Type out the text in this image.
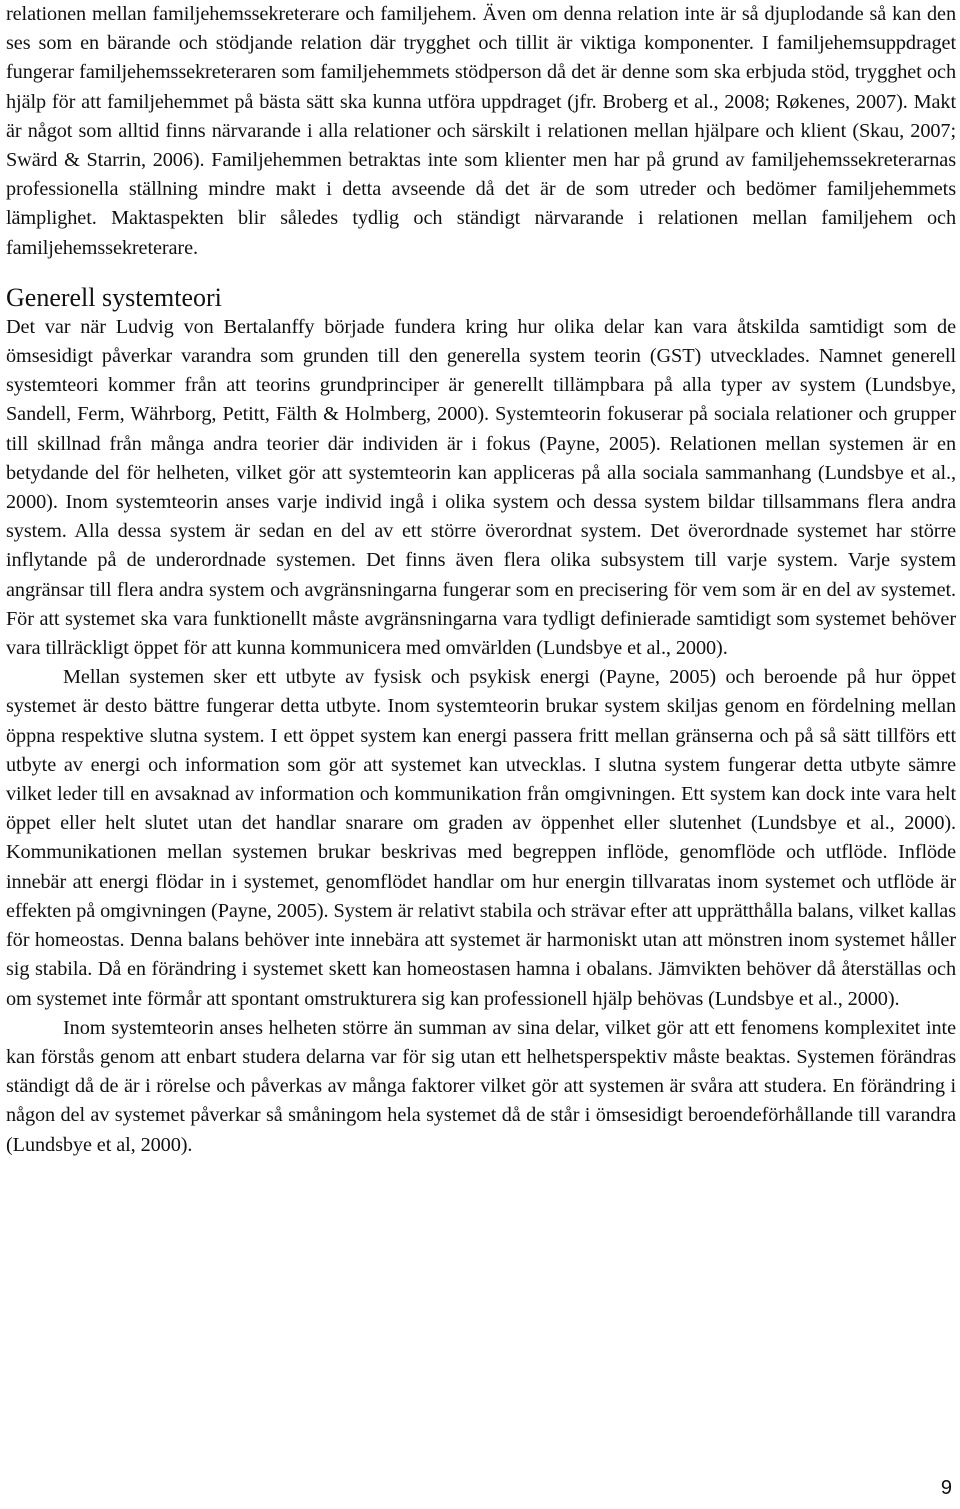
relationen mellan familjehemssekreterare och familjehem. Även om denna relation inte är så djuplodande så kan den ses som en bärande och stödjande relation där trygghet och tillit är viktiga komponenter. I familjehemsuppdraget fungerar familjehemssekreteraren som familjehemmets stödperson då det är denne som ska erbjuda stöd, trygghet och hjälp för att familjehemmet på bästa sätt ska kunna utföra uppdraget (jfr. Broberg et al., 2008; Røkenes, 2007). Makt är något som alltid finns närvarande i alla relationer och särskilt i relationen mellan hjälpare och klient (Skau, 2007; Swärd & Starrin, 2006). Familjehemmen betraktas inte som klienter men har på grund av familjehemssekreterarnas professionella ställning mindre makt i detta avseende då det är de som utreder och bedömer familjehemmets lämplighet. Maktaspekten blir således tydlig och ständigt närvarande i relationen mellan familjehem och familjehemssekreterare.

Generell systemteori

Det var när Ludvig von Bertalanffy började fundera kring hur olika delar kan vara åtskilda samtidigt som de ömsesidigt påverkar varandra som grunden till den generella system teorin (GST) utvecklades. Namnet generell systemteori kommer från att teorins grundprinciper är generellt tillämpbara på alla typer av system (Lundsbye, Sandell, Ferm, Währborg, Petitt, Fälth & Holmberg, 2000). Systemteorin fokuserar på sociala relationer och grupper till skillnad från många andra teorier där individen är i fokus (Payne, 2005). Relationen mellan systemen är en betydande del för helheten, vilket gör att systemteorin kan appliceras på alla sociala sammanhang (Lundsbye et al., 2000). Inom systemteorin anses varje individ ingå i olika system och dessa system bildar tillsammans flera andra system. Alla dessa system är sedan en del av ett större överordnat system. Det överordnade systemet har större inflytande på de underordnade systemen. Det finns även flera olika subsystem till varje system. Varje system angränsar till flera andra system och avgränsningarna fungerar som en precisering för vem som är en del av systemet. För att systemet ska vara funktionellt måste avgränsningarna vara tydligt definierade samtidigt som systemet behöver vara tillräckligt öppet för att kunna kommunicera med omvärlden (Lundsbye et al., 2000).

Mellan systemen sker ett utbyte av fysisk och psykisk energi (Payne, 2005) och beroende på hur öppet systemet är desto bättre fungerar detta utbyte. Inom systemteorin brukar system skiljas genom en fördelning mellan öppna respektive slutna system. I ett öppet system kan energi passera fritt mellan gränserna och på så sätt tillförs ett utbyte av energi och information som gör att systemet kan utvecklas. I slutna system fungerar detta utbyte sämre vilket leder till en avsaknad av information och kommunikation från omgivningen. Ett system kan dock inte vara helt öppet eller helt slutet utan det handlar snarare om graden av öppenhet eller slutenhet (Lundsbye et al., 2000). Kommunikationen mellan systemen brukar beskrivas med begreppen inflöde, genomflöde och utflöde. Inflöde innebär att energi flödar in i systemet, genomflödet handlar om hur energin tillvaratas inom systemet och utflöde är effekten på omgivningen (Payne, 2005). System är relativt stabila och strävar efter att upprätthålla balans, vilket kallas för homeostas. Denna balans behöver inte innebära att systemet är harmoniskt utan att mönstren inom systemet håller sig stabila. Då en förändring i systemet skett kan homeostasen hamna i obalans. Jämvikten behöver då återställas och om systemet inte förmår att spontant omstrukturera sig kan professionell hjälp behövas (Lundsbye et al., 2000).

Inom systemteorin anses helheten större än summan av sina delar, vilket gör att ett fenomens komplexitet inte kan förstås genom att enbart studera delarna var för sig utan ett helhetsperspektiv måste beaktas. Systemen förändras ständigt då de är i rörelse och påverkas av många faktorer vilket gör att systemen är svåra att studera. En förändring i någon del av systemet påverkar så småningom hela systemet då de står i ömsesidigt beroendeförhållande till varandra (Lundsbye et al, 2000).

9
